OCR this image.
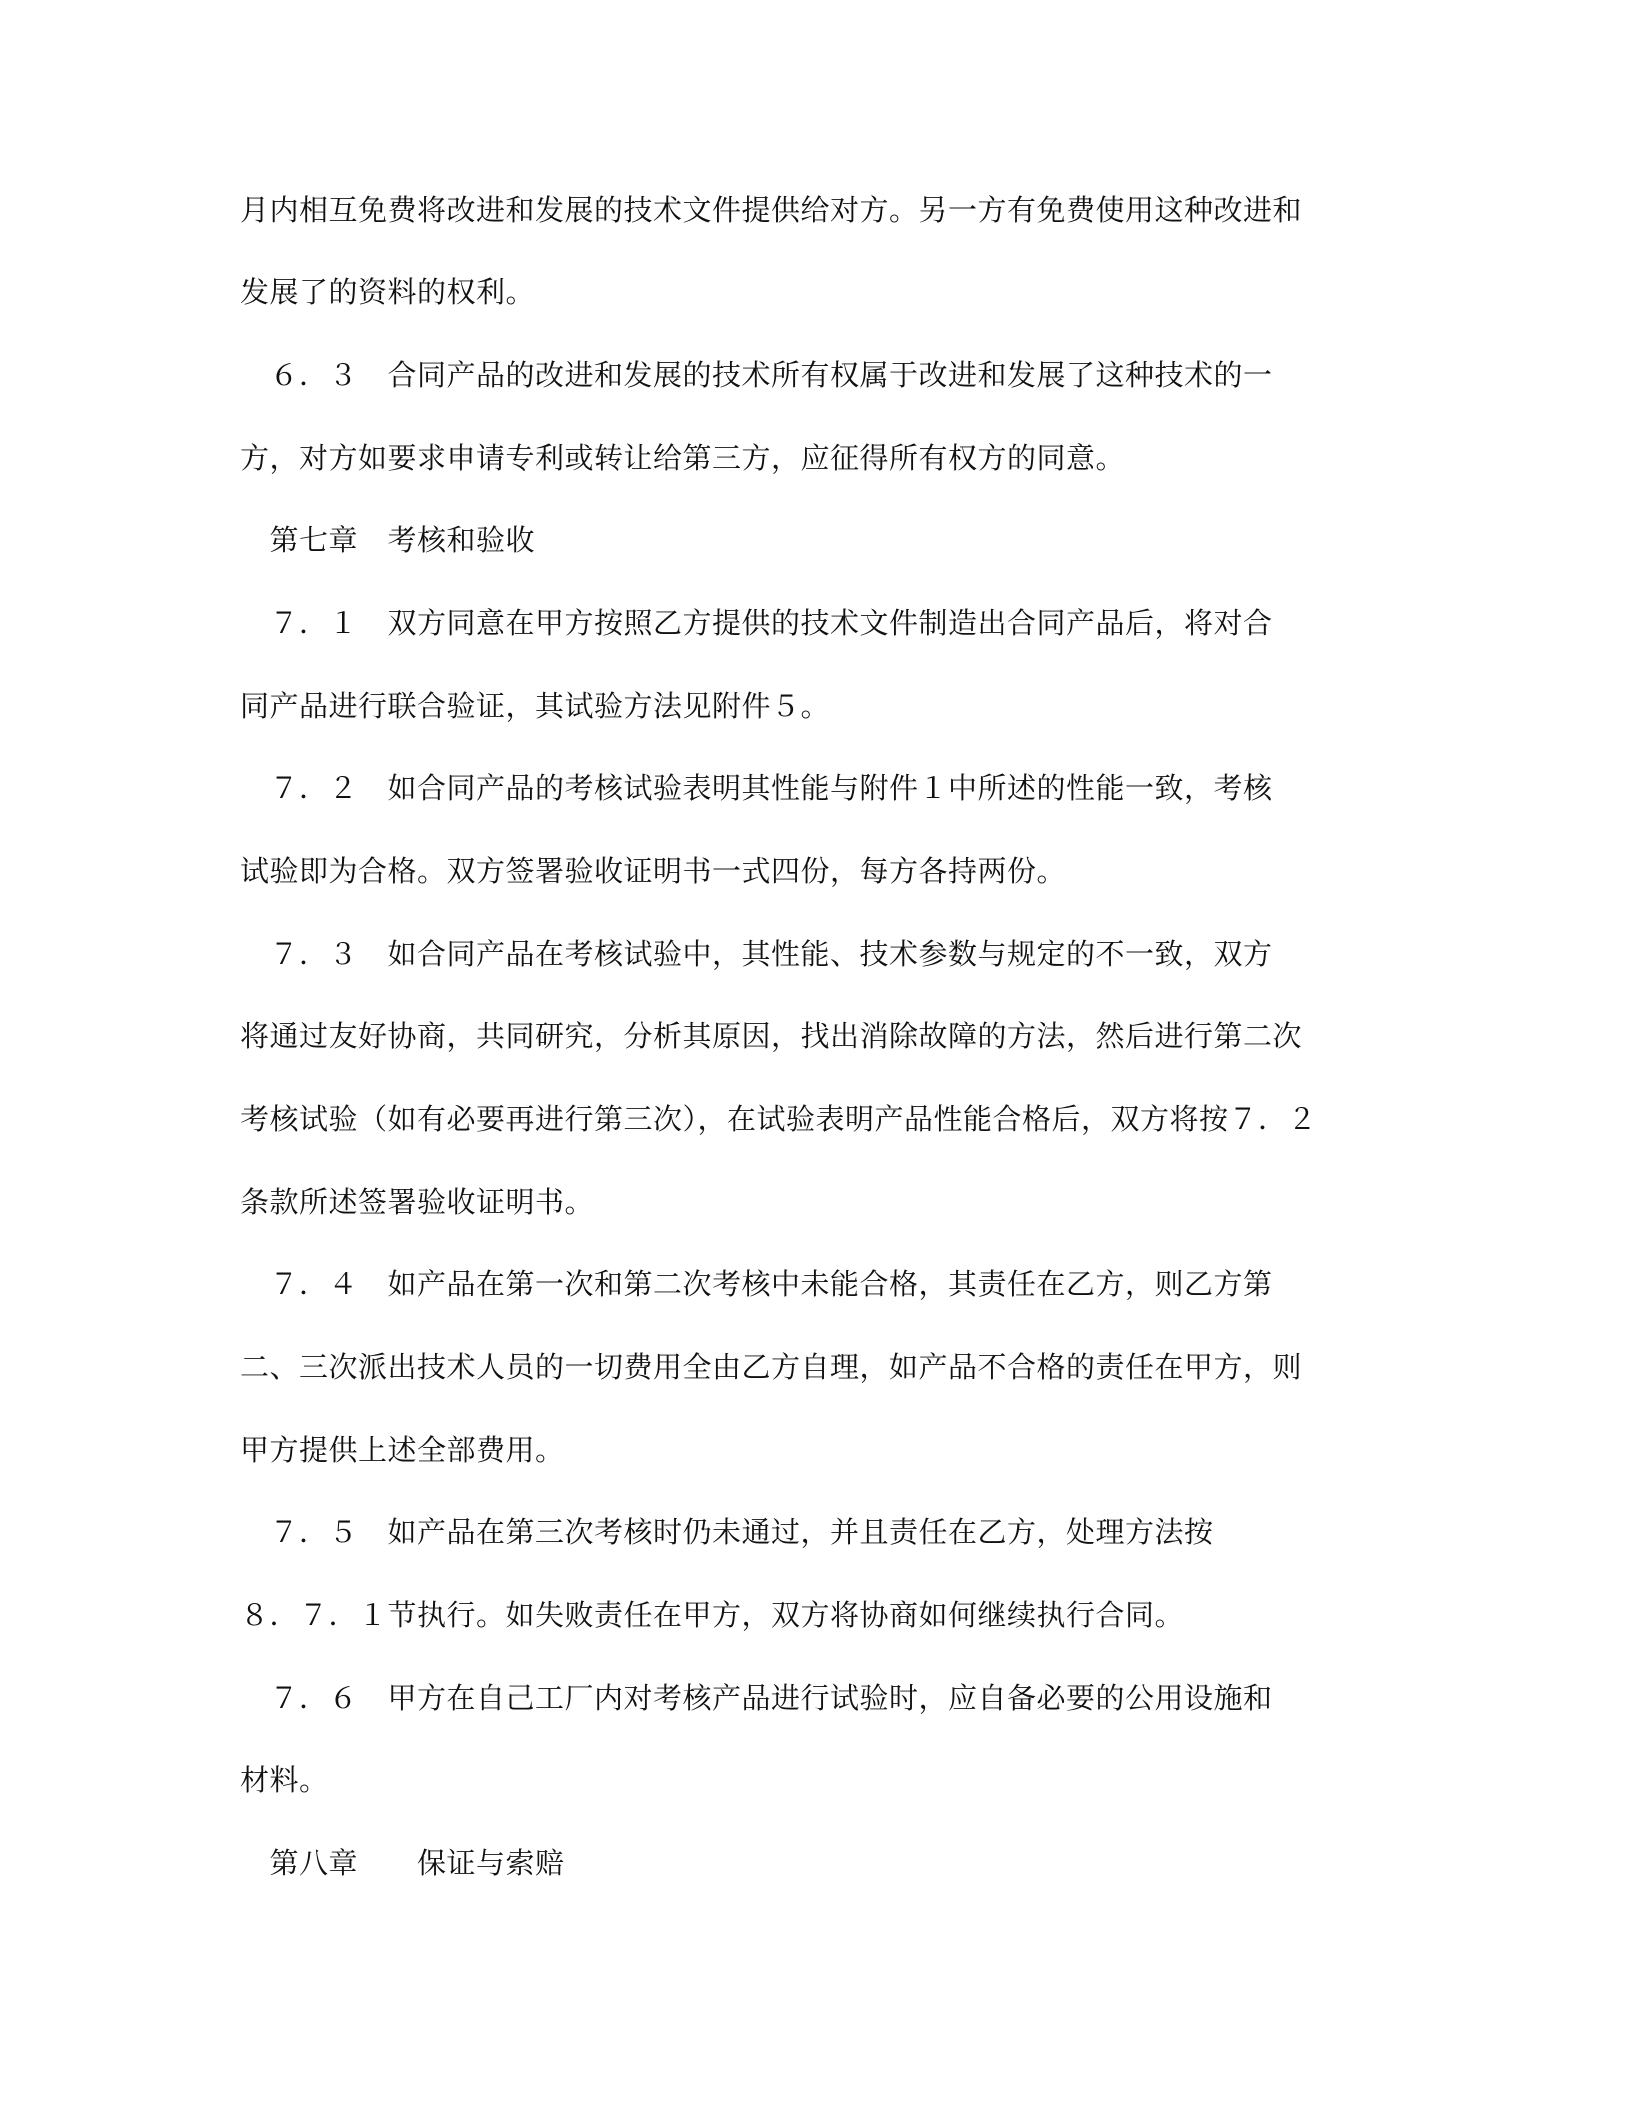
月内相互免费将改进和发展的技术文件提供给对方。另一方有免费使用这种改进和
发展了的资料的权利。
　６．３　合同产品的改进和发展的技术所有权属于改进和发展了这种技术的一
方，对方如要求申请专利或转让给第三方，应征得所有权方的同意。
　第七章　考核和验收
　７．１　双方同意在甲方按照乙方提供的技术文件制造出合同产品后，将对合
同产品进行联合验证，其试验方法见附件５。
　７．２　如合同产品的考核试验表明其性能与附件１中所述的性能一致，考核
试验即为合格。双方签署验收证明书一式四份，每方各持两份。
　７．３　如合同产品在考核试验中，其性能、技术参数与规定的不一致，双方
将通过友好协商，共同研究，分析其原因，找出消除故障的方法，然后进行第二次
考核试验（如有必要再进行第三次），在试验表明产品性能合格后，双方将按７．２
条款所述签署验收证明书。
　７．４　如产品在第一次和第二次考核中未能合格，其责任在乙方，则乙方第
二、三次派出技术人员的一切费用全由乙方自理，如产品不合格的责任在甲方，则
甲方提供上述全部费用。
　７．５　如产品在第三次考核时仍未通过，并且责任在乙方，处理方法按
８．７．１节执行。如失败责任在甲方，双方将协商如何继续执行合同。
　７．６　甲方在自己工厂内对考核产品进行试验时，应自备必要的公用设施和
材料。
　第八章　　保证与索赔
